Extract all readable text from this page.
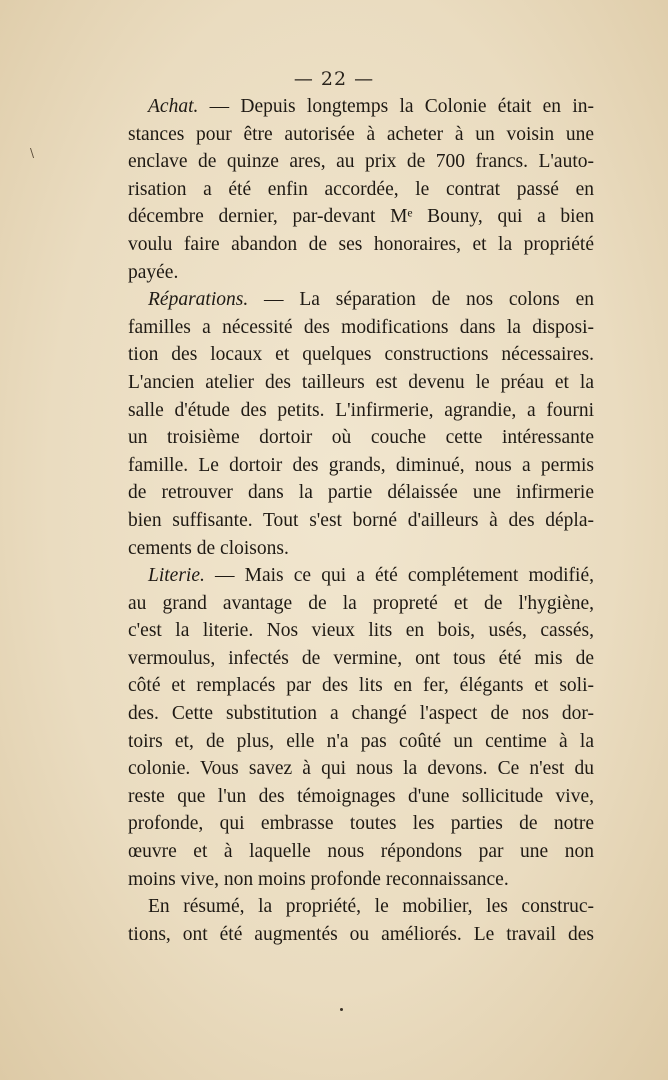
— 22 —
\
Achat. — Depuis longtemps la Colonie était en in-
stances pour être autorisée à acheter à un voisin une
enclave de quinze ares, au prix de 700 francs. L'auto-
risation a été enfin accordée, le contrat passé en
décembre dernier, par-devant Mᵉ Bouny, qui a bien
voulu faire abandon de ses honoraires, et la propriété
payée.
Réparations. — La séparation de nos colons en
familles a nécessité des modifications dans la disposi-
tion des locaux et quelques constructions nécessaires.
L'ancien atelier des tailleurs est devenu le préau et la
salle d'étude des petits. L'infirmerie, agrandie, a fourni
un troisième dortoir où couche cette intéressante
famille. Le dortoir des grands, diminué, nous a permis
de retrouver dans la partie délaissée une infirmerie
bien suffisante. Tout s'est borné d'ailleurs à des dépla-
cements de cloisons.
Literie. — Mais ce qui a été complétement modifié,
au grand avantage de la propreté et de l'hygiène,
c'est la literie. Nos vieux lits en bois, usés, cassés,
vermoulus, infectés de vermine, ont tous été mis de
côté et remplacés par des lits en fer, élégants et soli-
des. Cette substitution a changé l'aspect de nos dor-
toirs et, de plus, elle n'a pas coûté un centime à la
colonie. Vous savez à qui nous la devons. Ce n'est du
reste que l'un des témoignages d'une sollicitude vive,
profonde, qui embrasse toutes les parties de notre
œuvre et à laquelle nous répondons par une non
moins vive, non moins profonde reconnaissance.
En résumé, la propriété, le mobilier, les construc-
tions, ont été augmentés ou améliorés. Le travail des
